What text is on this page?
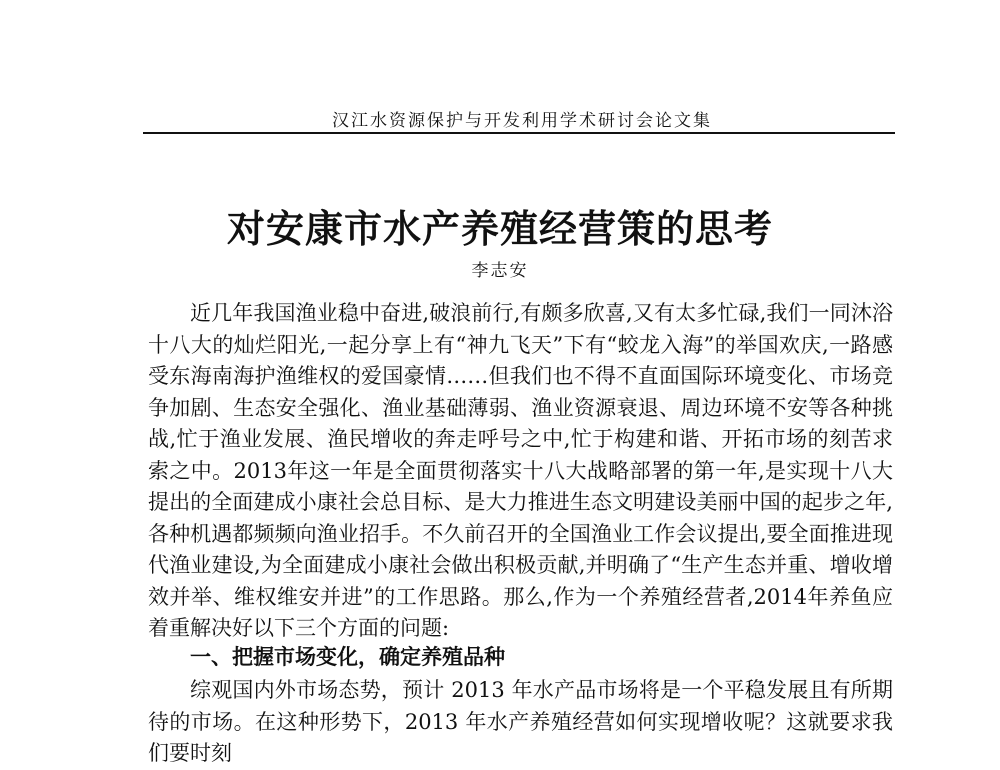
汉江水资源保护与开发利用学术研讨会论文集
对安康市水产养殖经营策的思考
李志安

近几年我国渔业稳中奋进,破浪前行,有颇多欣喜,又有太多忙碌,我们一同沐浴十八大的灿烂阳光,一起分享上有“神九飞天”下有“蛟龙入海”的举国欢庆,一路感受东海南海护渔维权的爱国豪情……但我们也不得不直面国际环境变化、市场竞争加剧、生态安全强化、渔业基础薄弱、渔业资源衰退、周边环境不安等各种挑战,忙于渔业发展、渔民增收的奔走呼号之中,忙于构建和谐、开拓市场的刻苦求索之中。2013年这一年是全面贯彻落实十八大战略部署的第一年,是实现十八大提出的全面建成小康社会总目标、是大力推进生态文明建设美丽中国的起步之年,各种机遇都频频向渔业招手。不久前召开的全国渔业工作会议提出,要全面推进现代渔业建设,为全面建成小康社会做出积极贡献,并明确了“生产生态并重、增收增效并举、维权维安并进”的工作思路。那么,作为一个养殖经营者,2014年养鱼应着重解决好以下三个方面的问题:

一、把握市场变化，确定养殖品种

综观国内外市场态势，预计 2013 年水产品市场将是一个平稳发展且有所期待的市场。在这种形势下，2013 年水产养殖经营如何实现增收呢？这就要求我们要时刻
